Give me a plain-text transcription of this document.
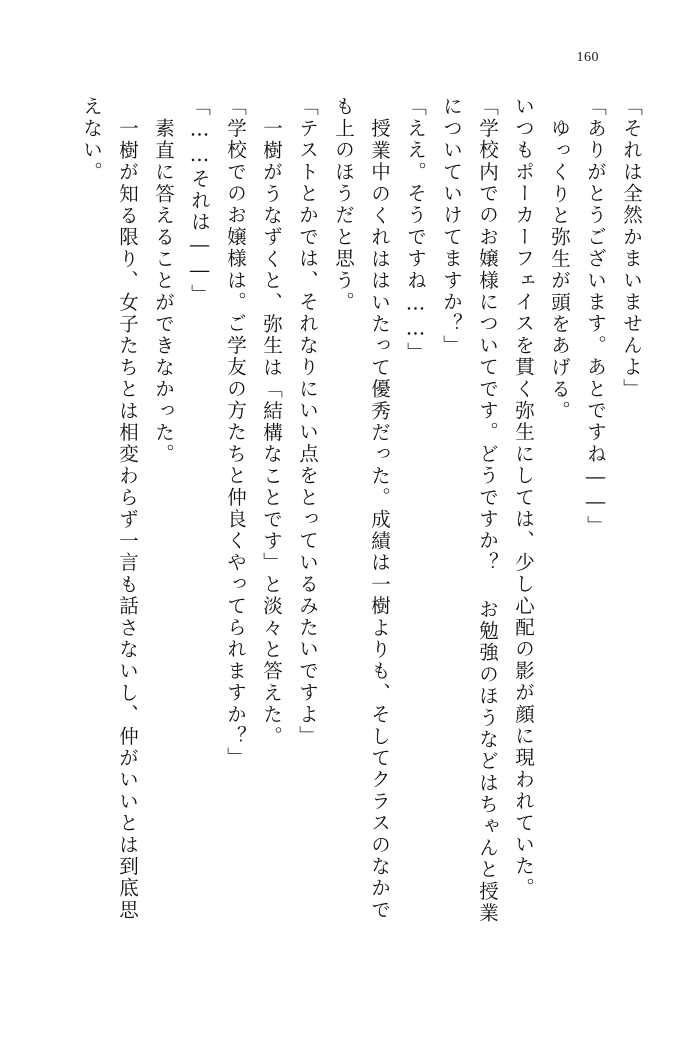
160
「それは全然かまいませんよ」
「ありがとうございます。あとですね――」
ゆっくりと弥生が頭をあげる。
いつもポーカーフェイスを貫く弥生にしては、少し心配の影が顔に現われていた。
「学校内でのお嬢様についてです。どうですか？ お勉強のほうなどはちゃんと授業
についていけてますか？」
「ええ。そうですね……」
授業中のくれははいたって優秀だった。成績は一樹よりも、そしてクラスのなかで
も上のほうだと思う。
「テストとかでは、それなりにいい点をとっているみたいですよ」
一樹がうなずくと、弥生は「結構なことです」と淡々と答えた。
「学校でのお嬢様は。ご学友の方たちと仲良くやってられますか？」
「……それは――」
素直に答えることができなかった。
一樹が知る限り、女子たちとは相変わらず一言も話さないし、仲がいいとは到底思
えない。
